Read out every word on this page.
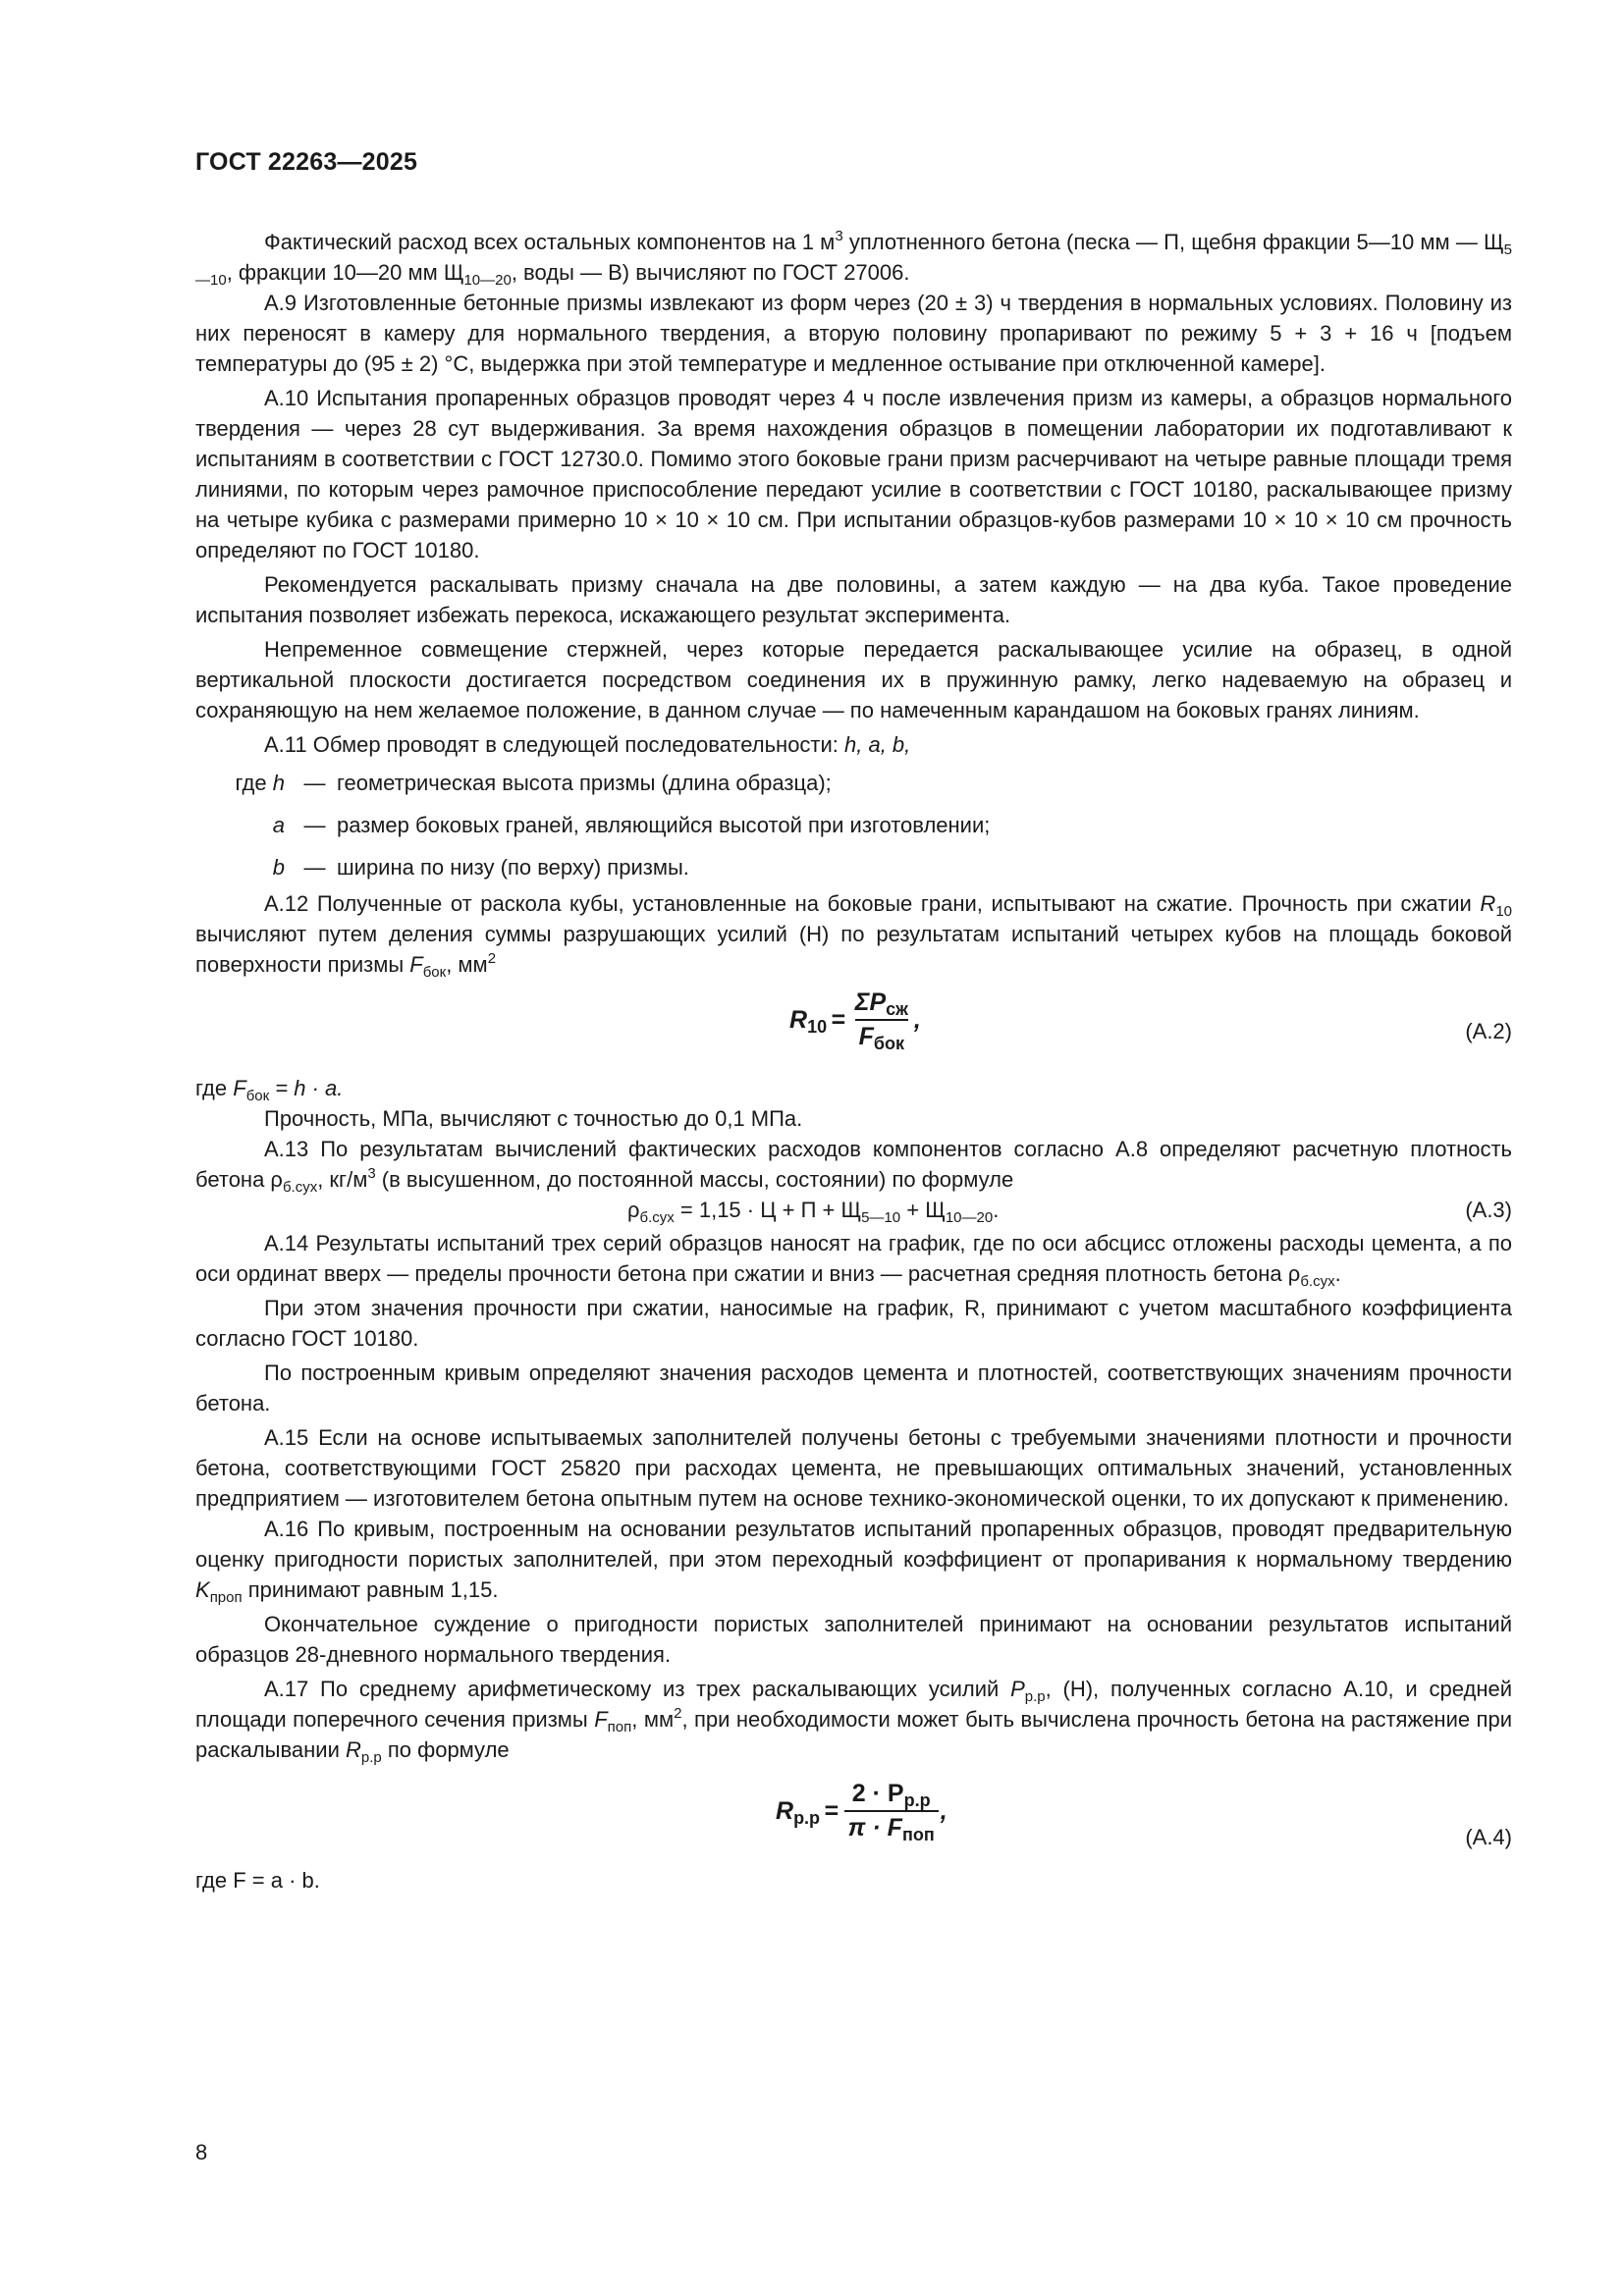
ГОСТ 22263—2025

Фактический расход всех остальных компонентов на 1 $м^3$ уплотненного бетона (песка — П, щебня фракции 5—10 мм — $Щ_{5—10}$, фракции 10—20 мм $Щ_{10—20}$, воды — В) вычисляют по ГОСТ 27006.

А.9 Изготовленные бетонные призмы извлекают из форм через (20 ± 3) ч твердения в нормальных условиях. Половину из них переносят в камеру для нормального твердения, а вторую половину пропаривают по режиму 5 + 3 + 16 ч [подъем температуры до (95 ± 2) °С, выдержка при этой температуре и медленное остывание при отключенной камере].

А.10 Испытания пропаренных образцов проводят через 4 ч после извлечения призм из камеры, а образцов нормального твердения — через 28 сут выдерживания. За время нахождения образцов в помещении лаборатории их подготавливают к испытаниям в соответствии с ГОСТ 12730.0. Помимо этого боковые грани призм расчерчивают на четыре равные площади тремя линиями, по которым через рамочное приспособление передают усилие в соответствии с ГОСТ 10180, раскалывающее призму на четыре кубика с размерами примерно 10 × 10 × 10 см. При испытании образцов-кубов размерами 10 × 10 × 10 см прочность определяют по ГОСТ 10180.

Рекомендуется раскалывать призму сначала на две половины, а затем каждую — на два куба. Такое проведение испытания позволяет избежать перекоса, искажающего результат эксперимента.

Непременное совмещение стержней, через которые передается раскалывающее усилие на образец, в одной вертикальной плоскости достигается посредством соединения их в пружинную рамку, легко надеваемую на образец и сохраняющую на нем желаемое положение, в данном случае — по намеченным карандашом на боковых гранях линиям.

А.11 Обмер проводят в следующей последовательности: h, a, b,

где h — геометрическая высота призмы (длина образца);
a — размер боковых граней, являющийся высотой при изготовлении;
b — ширина по низу (по верху) призмы.

А.12 Полученные от раскола кубы, установленные на боковые грани, испытывают на сжатие. Прочность при сжатии $R_{10}$ вычисляют путем деления суммы разрушающих усилий (Н) по результатам испытаний четырех кубов на площадь боковой поверхности призмы $F_{бок}$, $мм^2$

$R_{10} = \frac{\Sigma P_{сж}}{F_{бок}}$ ,	(А.2)

где $F_{бок} = h \cdot a$.

Прочность, МПа, вычисляют с точностью до 0,1 МПа.

А.13 По результатам вычислений фактических расходов компонентов согласно А.8 определяют расчетную плотность бетона $\rho_{б.сух}$, $кг/м^3$ (в высушенном, до постоянной массы, состоянии) по формуле

$\rho_{б.сух} = 1,15 \cdot Ц + П + Щ_{5—10} + Щ_{10—20}$.	(А.3)

А.14 Результаты испытаний трех серий образцов наносят на график, где по оси абсцисс отложены расходы цемента, а по оси ординат вверх — пределы прочности бетона при сжатии и вниз — расчетная средняя плотность бетона $\rho_{б.сух}$.

При этом значения прочности при сжатии, наносимые на график, R, принимают с учетом масштабного коэффициента согласно ГОСТ 10180.

По построенным кривым определяют значения расходов цемента и плотностей, соответствующих значениям прочности бетона.

А.15 Если на основе испытываемых заполнителей получены бетоны с требуемыми значениями плотности и прочности бетона, соответствующими ГОСТ 25820 при расходах цемента, не превышающих оптимальных значений, установленных предприятием — изготовителем бетона опытным путем на основе технико-экономической оценки, то их допускают к применению.

А.16 По кривым, построенным на основании результатов испытаний пропаренных образцов, проводят предварительную оценку пригодности пористых заполнителей, при этом переходный коэффициент от пропаривания к нормальному твердению $K_{проп}$ принимают равным 1,15.

Окончательное суждение о пригодности пористых заполнителей принимают на основании результатов испытаний образцов 28-дневного нормального твердения.

А.17 По среднему арифметическому из трех раскалывающих усилий $P_{р.р}$, (Н), полученных согласно А.10, и средней площади поперечного сечения призмы $F_{поп}$, $мм^2$, при необходимости может быть вычислена прочность бетона на растяжение при раскалывании $R_{р.р}$ по формуле

$R_{р.р} = \frac{2 \cdot P_{р.р}}{\pi \cdot F_{поп}}$ ,
(А.4)

где F = a · b.

8
